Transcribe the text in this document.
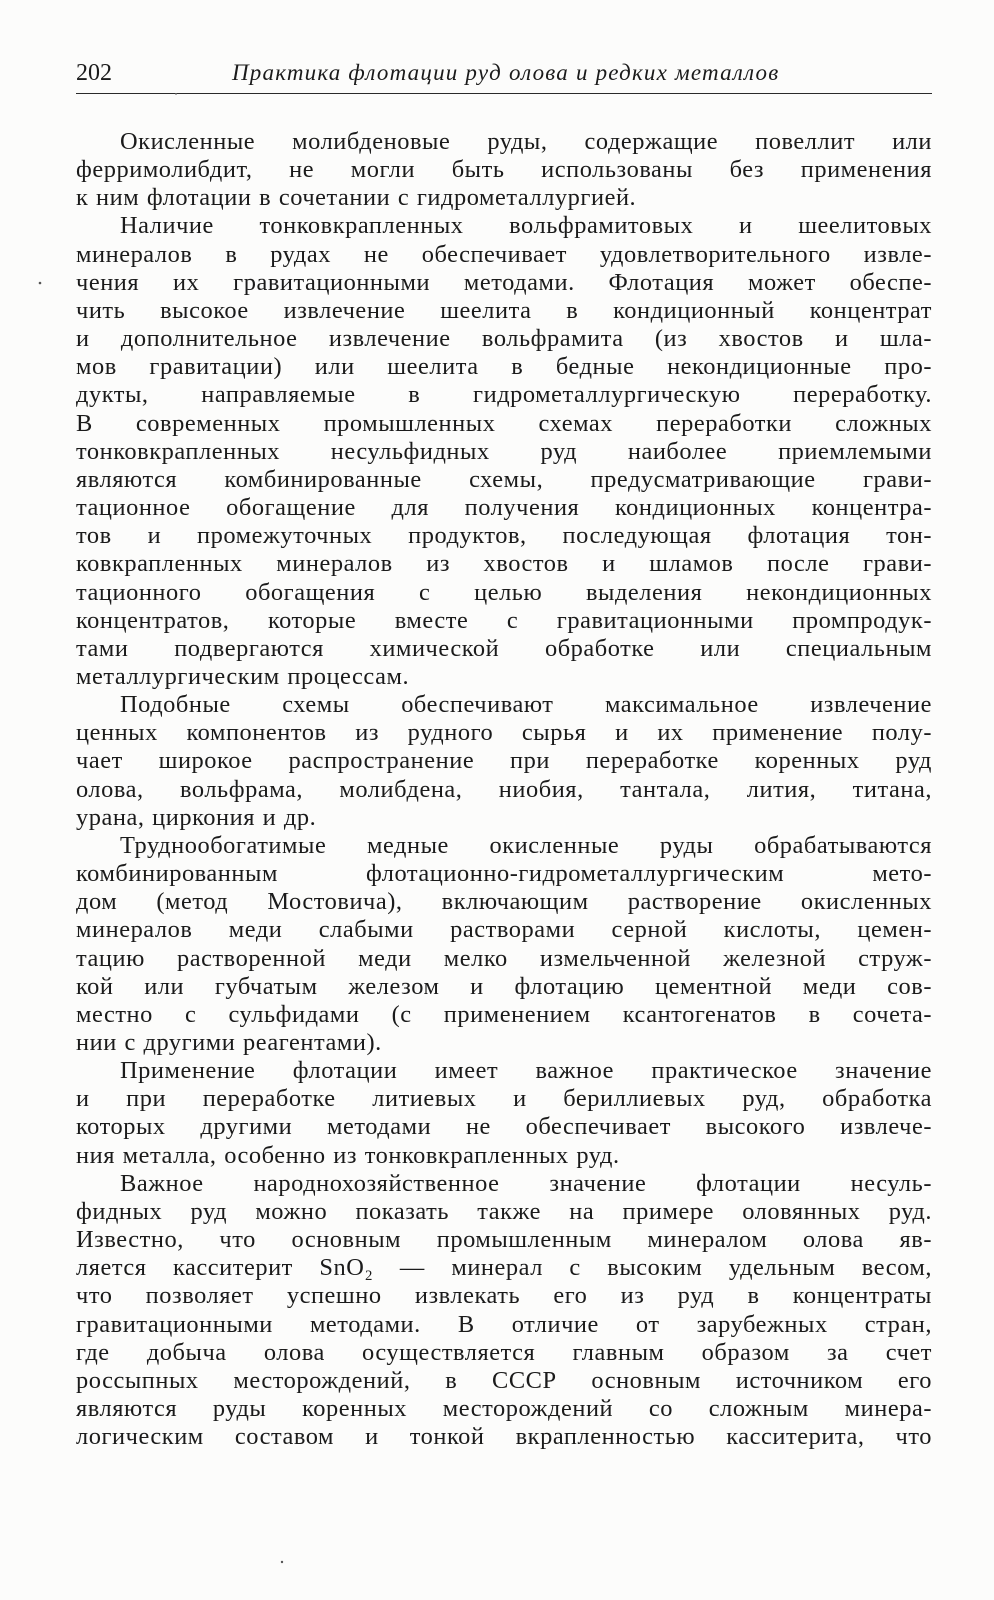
202	Практика флотации руд олова и редких металлов
Окисленные молибденовые руды, содержащие повеллит или
ферримолибдит, не могли быть использованы без применения
к ним флотации в сочетании с гидрометаллургией.
Наличие тонковкрапленных вольфрамитовых и шеелитовых
минералов в рудах не обеспечивает удовлетворительного извле-
чения их гравитационными методами. Флотация может обеспе-
чить высокое извлечение шеелита в кондиционный концентрат
и дополнительное извлечение вольфрамита (из хвостов и шла-
мов гравитации) или шеелита в бедные некондиционные про-
дукты, направляемые в гидрометаллургическую переработку.
В современных промышленных схемах переработки сложных
тонковкрапленных несульфидных руд наиболее приемлемыми
являются комбинированные схемы, предусматривающие грави-
тационное обогащение для получения кондиционных концентра-
тов и промежуточных продуктов, последующая флотация тон-
ковкрапленных минералов из хвостов и шламов после грави-
тационного обогащения с целью выделения некондиционных
концентратов, которые вместе с гравитационными промпродук-
тами подвергаются химической обработке или специальным
металлургическим процессам.
Подобные схемы обеспечивают максимальное извлечение
ценных компонентов из рудного сырья и их применение полу-
чает широкое распространение при переработке коренных руд
олова, вольфрама, молибдена, ниобия, тантала, лития, титана,
урана, циркония и др.
Труднообогатимые медные окисленные руды обрабатываются
комбинированным флотационно-гидрометаллургическим мето-
дом (метод Мостовича), включающим растворение окисленных
минералов меди слабыми растворами серной кислоты, цемен-
тацию растворенной меди мелко измельченной железной струж-
кой или губчатым железом и флотацию цементной меди сов-
местно с сульфидами (с применением ксантогенатов в сочета-
нии с другими реагентами).
Применение флотации имеет важное практическое значение
и при переработке литиевых и бериллиевых руд, обработка
которых другими методами не обеспечивает высокого извлече-
ния металла, особенно из тонковкрапленных руд.
Важное народнохозяйственное значение флотации несуль-
фидных руд можно показать также на примере оловянных руд.
Известно, что основным промышленным минералом олова яв-
ляется касситерит SnO₂ — минерал с высоким удельным весом,
что позволяет успешно извлекать его из руд в концентраты
гравитационными методами. В отличие от зарубежных стран,
где добыча олова осуществляется главным образом за счет
россыпных месторождений, в СССР основным источником его
являются руды коренных месторождений со сложным минера-
логическим составом и тонкой вкрапленностью касситерита, что
